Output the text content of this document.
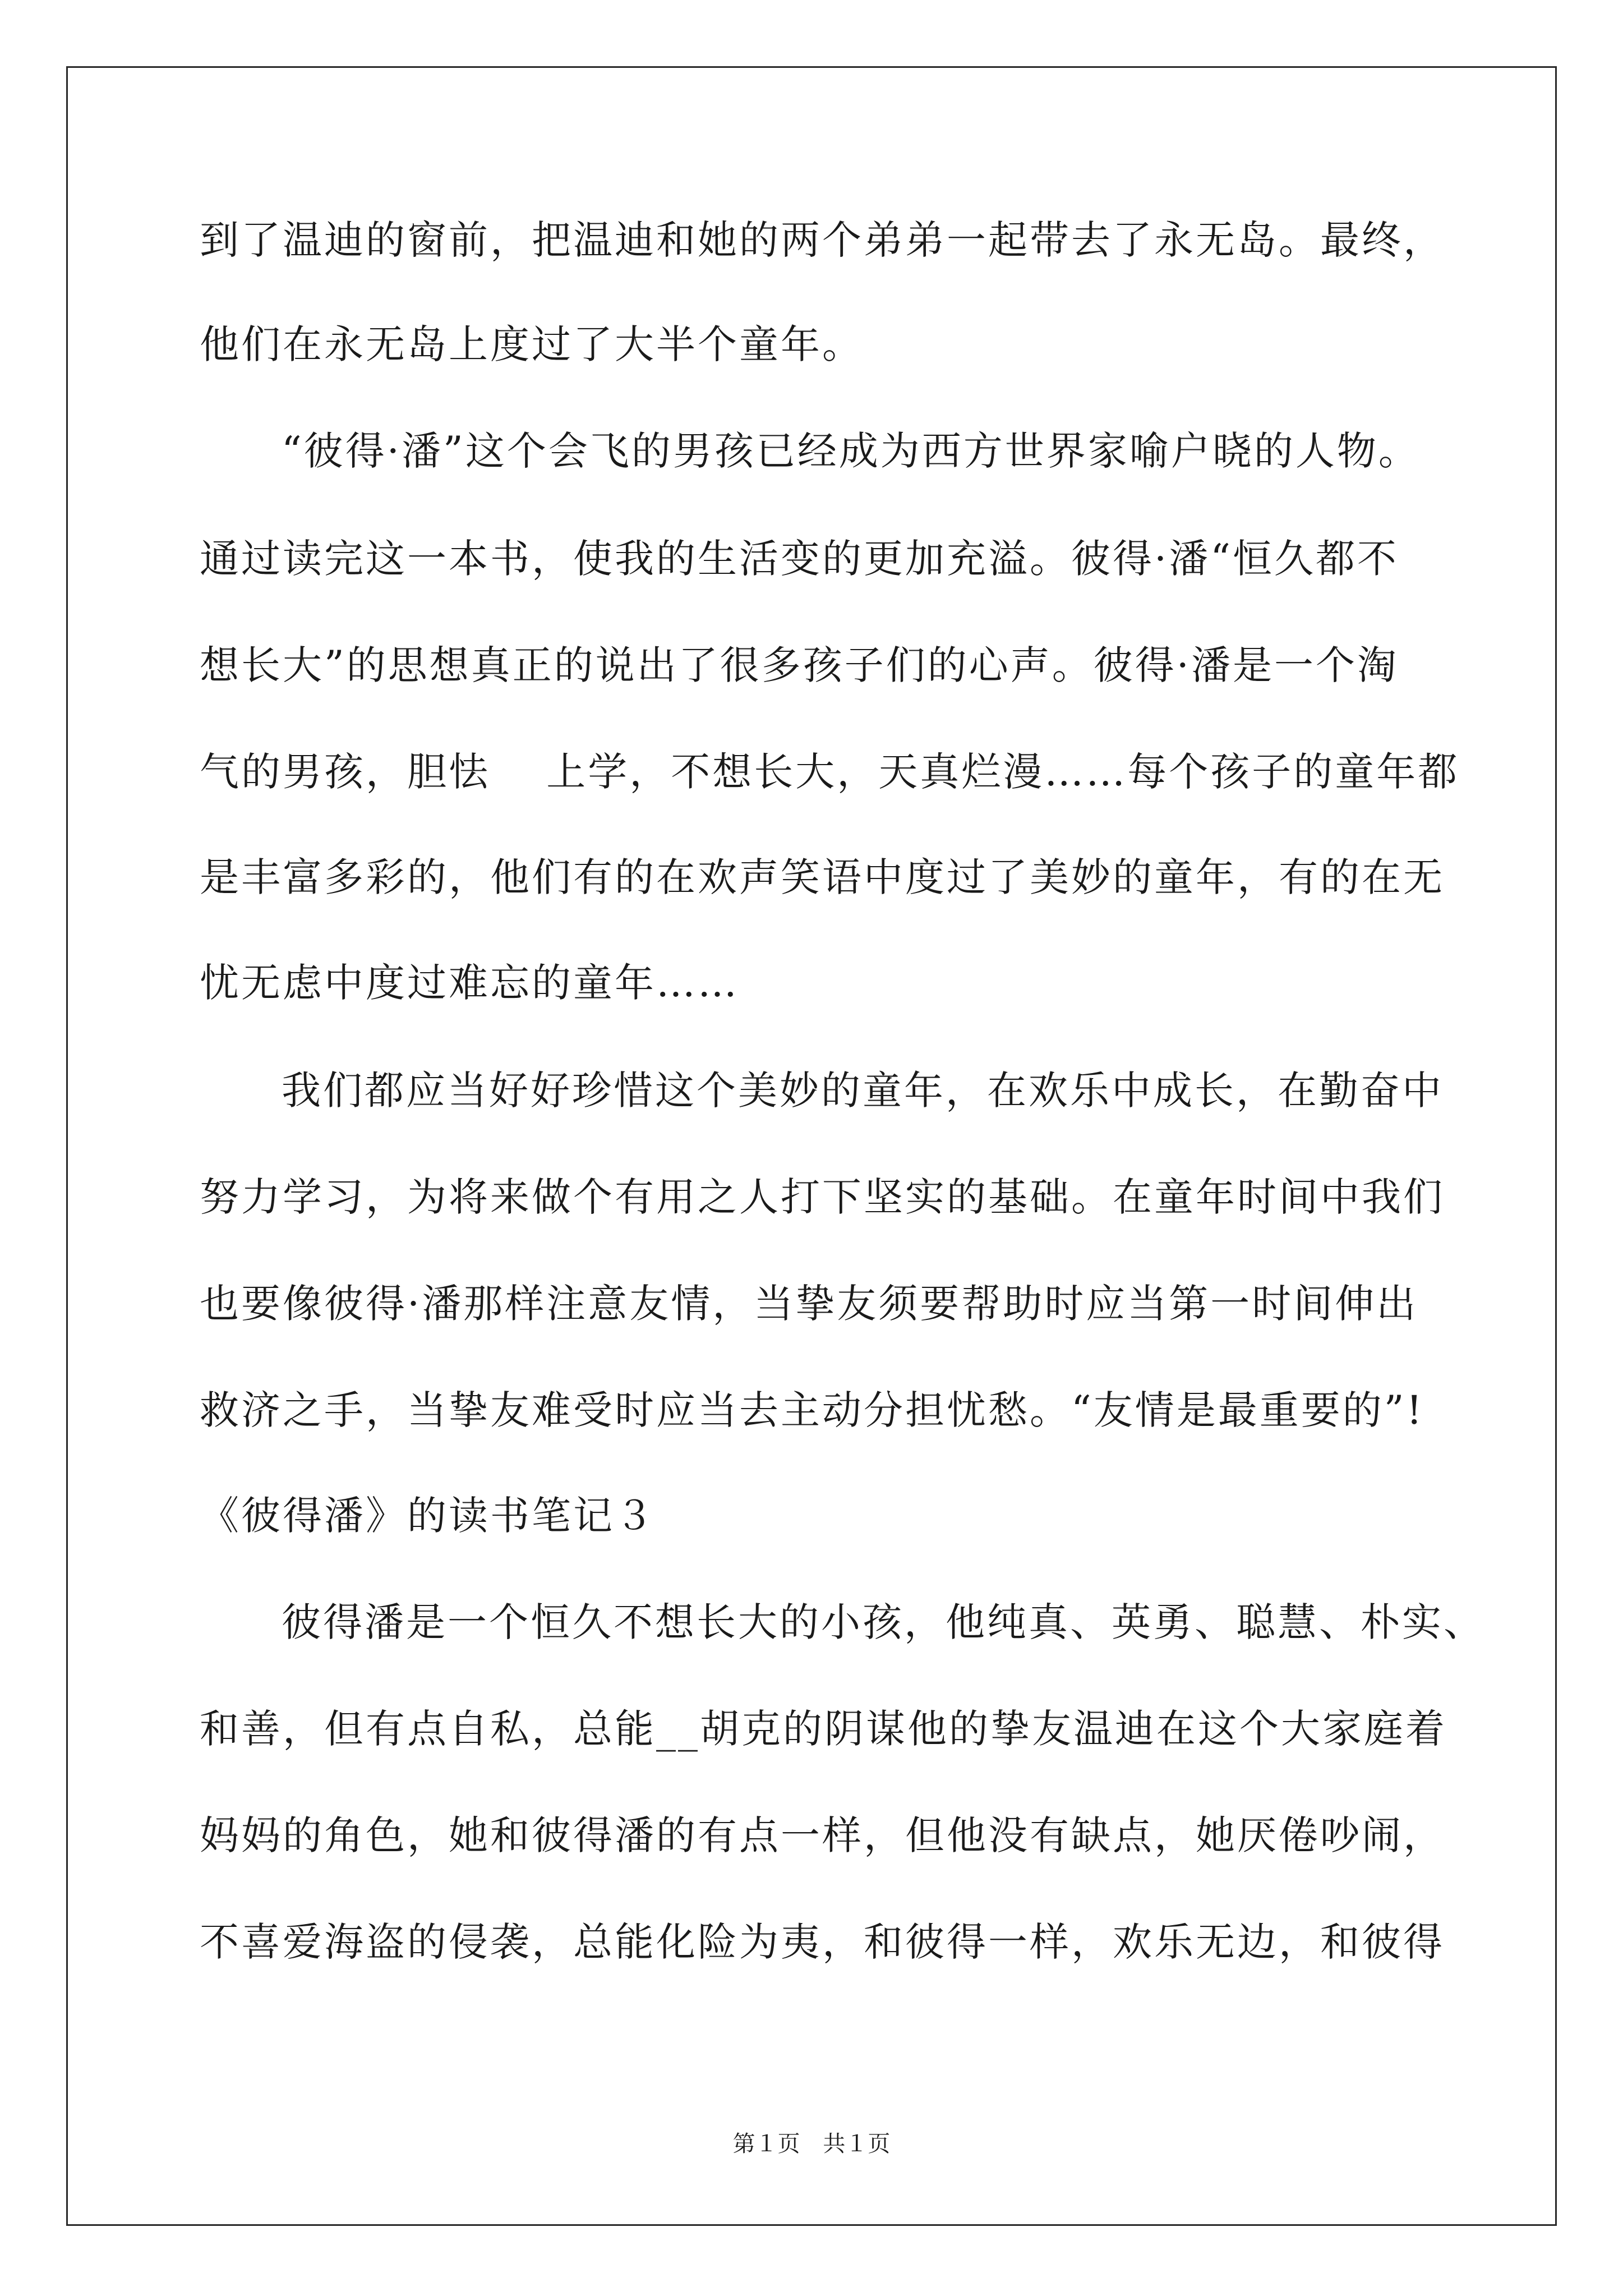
到了温迪的窗前，把温迪和她的两个弟弟一起带去了永无岛。最终，
他们在永无岛上度过了大半个童年。
“彼得·潘”这个会飞的男孩已经成为西方世界家喻户晓的人物。
通过读完这一本书，使我的生活变的更加充溢。彼得·潘“恒久都不
想长大”的思想真正的说出了很多孩子们的心声。彼得·潘是一个淘
气的男孩，胆怯　 上学，不想长大，天真烂漫……每个孩子的童年都
是丰富多彩的，他们有的在欢声笑语中度过了美妙的童年，有的在无
忧无虑中度过难忘的童年……
我们都应当好好珍惜这个美妙的童年，在欢乐中成长，在勤奋中
努力学习，为将来做个有用之人打下坚实的基础。在童年时间中我们
也要像彼得·潘那样注意友情，当挚友须要帮助时应当第一时间伸出
救济之手，当挚友难受时应当去主动分担忧愁。“友情是最重要的”!
《彼得潘》的读书笔记３
彼得潘是一个恒久不想长大的小孩，他纯真、英勇、聪慧、朴实、
和善，但有点自私，总能__胡克的阴谋他的挚友温迪在这个大家庭着
妈妈的角色，她和彼得潘的有点一样，但他没有缺点，她厌倦吵闹，
不喜爱海盗的侵袭，总能化险为夷，和彼得一样，欢乐无边，和彼得
第１页 共１页
